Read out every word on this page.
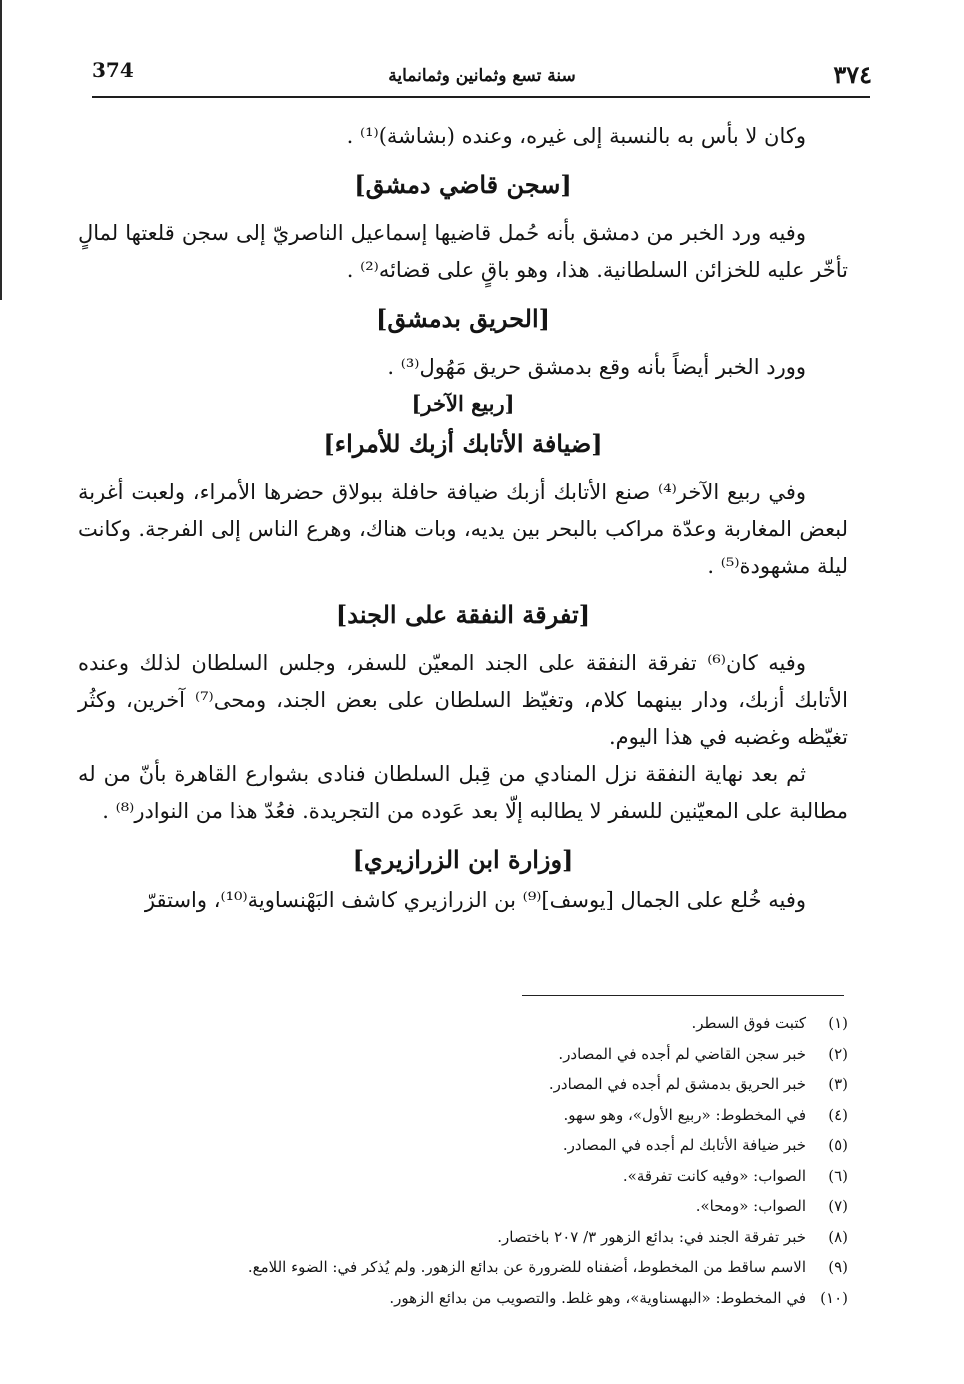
374	سنة تسع وثمانين وثمانماية	٣٧٤

وكان لا بأس به بالنسبة إلى غيره، وعنده (بشاشة)⁽¹⁾ .

[سجن قاضي دمشق]

وفيه ورد الخبر من دمشق بأنه حُمل قاضيها إسماعيل الناصريّ إلى سجن قلعتها لمالٍ تأخّر عليه للخزائن السلطانية. هذا، وهو باقٍ على قضائه⁽²⁾ .

[الحريق بدمشق]

وورد الخبر أيضاً بأنه وقع بدمشق حريق مَهُول⁽³⁾ .

[ربيع الآخر]
[ضيافة الأتابك أزبك للأمراء]

وفي ربيع الآخر⁽⁴⁾ صنع الأتابك أزبك ضيافة حافلة ببولاق حضرها الأمراء، ولعبت أغربة لبعض المغاربة وعدّة مراكب بالبحر بين يديه، وبات هناك، وهرع الناس إلى الفرجة. وكانت ليلة مشهودة⁽⁵⁾ .

[تفرقة النفقة على الجند]

وفيه كان⁽⁶⁾ تفرقة النفقة على الجند المعيّن للسفر، وجلس السلطان لذلك وعنده الأتابك أزبك، ودار بينهما كلام، وتغيّظ السلطان على بعض الجند، ومحى⁽⁷⁾ آخرين، وكثُر تغيّظه وغضبه في هذا اليوم.

ثم بعد نهاية النفقة نزل المنادي من قِبل السلطان فنادى بشوارع القاهرة بأنّ من له مطالبة على المعيّنين للسفر لا يطالبه إلّا بعد عَوده من التجريدة. فعُدّ هذا من النوادر⁽⁸⁾ .

[وزارة ابن الزرازيري]

وفيه خُلع على الجمال [يوسف]⁽⁹⁾ بن الزرازيري كاشف البَهْنساوية⁽¹⁰⁾، واستقرّ

(١)
كتبت فوق السطر.
(٢)
خبر سجن القاضي لم أجده في المصادر.
(٣)
خبر الحريق بدمشق لم أجده في المصادر.
(٤)
في المخطوط: «ربيع الأول»، وهو سهو.
(٥)
خبر ضيافة الأتابك لم أجده في المصادر.
(٦)
الصواب: «وفيه كانت تفرقة».
(٧)
الصواب: «ومحا».
(٨)
خبر تفرقة الجند في: بدائع الزهور ٣/ ٢٠٧ باختصار.
(٩)
الاسم ساقط من المخطوط، أضفناه للضرورة عن بدائع الزهور. ولم يُذكر في: الضوء اللامع.
(١٠)
في المخطوط: «البهسناوية»، وهو غلط. والتصويب من بدائع الزهور.
